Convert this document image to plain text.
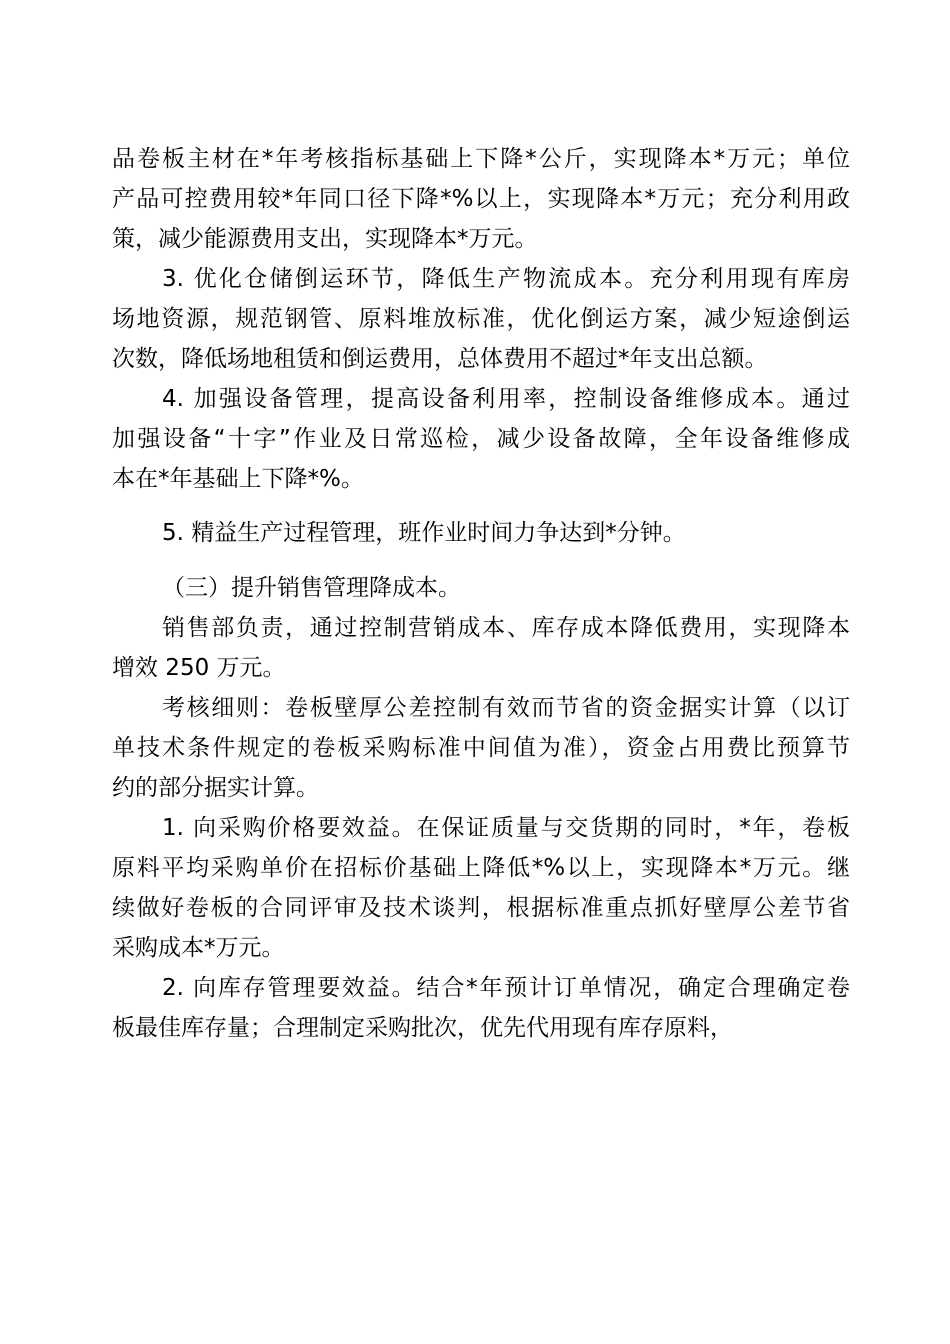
品卷板主材在*年考核指标基础上下降*公斤，实现降本*万元；单位
产品可控费用较*年同口径下降*%以上，实现降本*万元；充分利用政
策，减少能源费用支出，实现降本*万元。
3. 优化仓储倒运环节，降低生产物流成本。充分利用现有库房
场地资源，规范钢管、原料堆放标准，优化倒运方案，减少短途倒运
次数，降低场地租赁和倒运费用，总体费用不超过*年支出总额。
4. 加强设备管理，提高设备利用率，控制设备维修成本。通过
加强设备“十字”作业及日常巡检，减少设备故障，全年设备维修成
本在*年基础上下降*%。
5. 精益生产过程管理，班作业时间力争达到*分钟。
（三）提升销售管理降成本。
销售部负责，通过控制营销成本、库存成本降低费用，实现降本
增效 250 万元。
考核细则：卷板壁厚公差控制有效而节省的资金据实计算（以订
单技术条件规定的卷板采购标准中间值为准），资金占用费比预算节
约的部分据实计算。
1. 向采购价格要效益。在保证质量与交货期的同时，*年，卷板
原料平均采购单价在招标价基础上降低*%以上，实现降本*万元。继
续做好卷板的合同评审及技术谈判，根据标准重点抓好壁厚公差节省
采购成本*万元。
2. 向库存管理要效益。结合*年预计订单情况，确定合理确定卷
板最佳库存量；合理制定采购批次，优先代用现有库存原料，
